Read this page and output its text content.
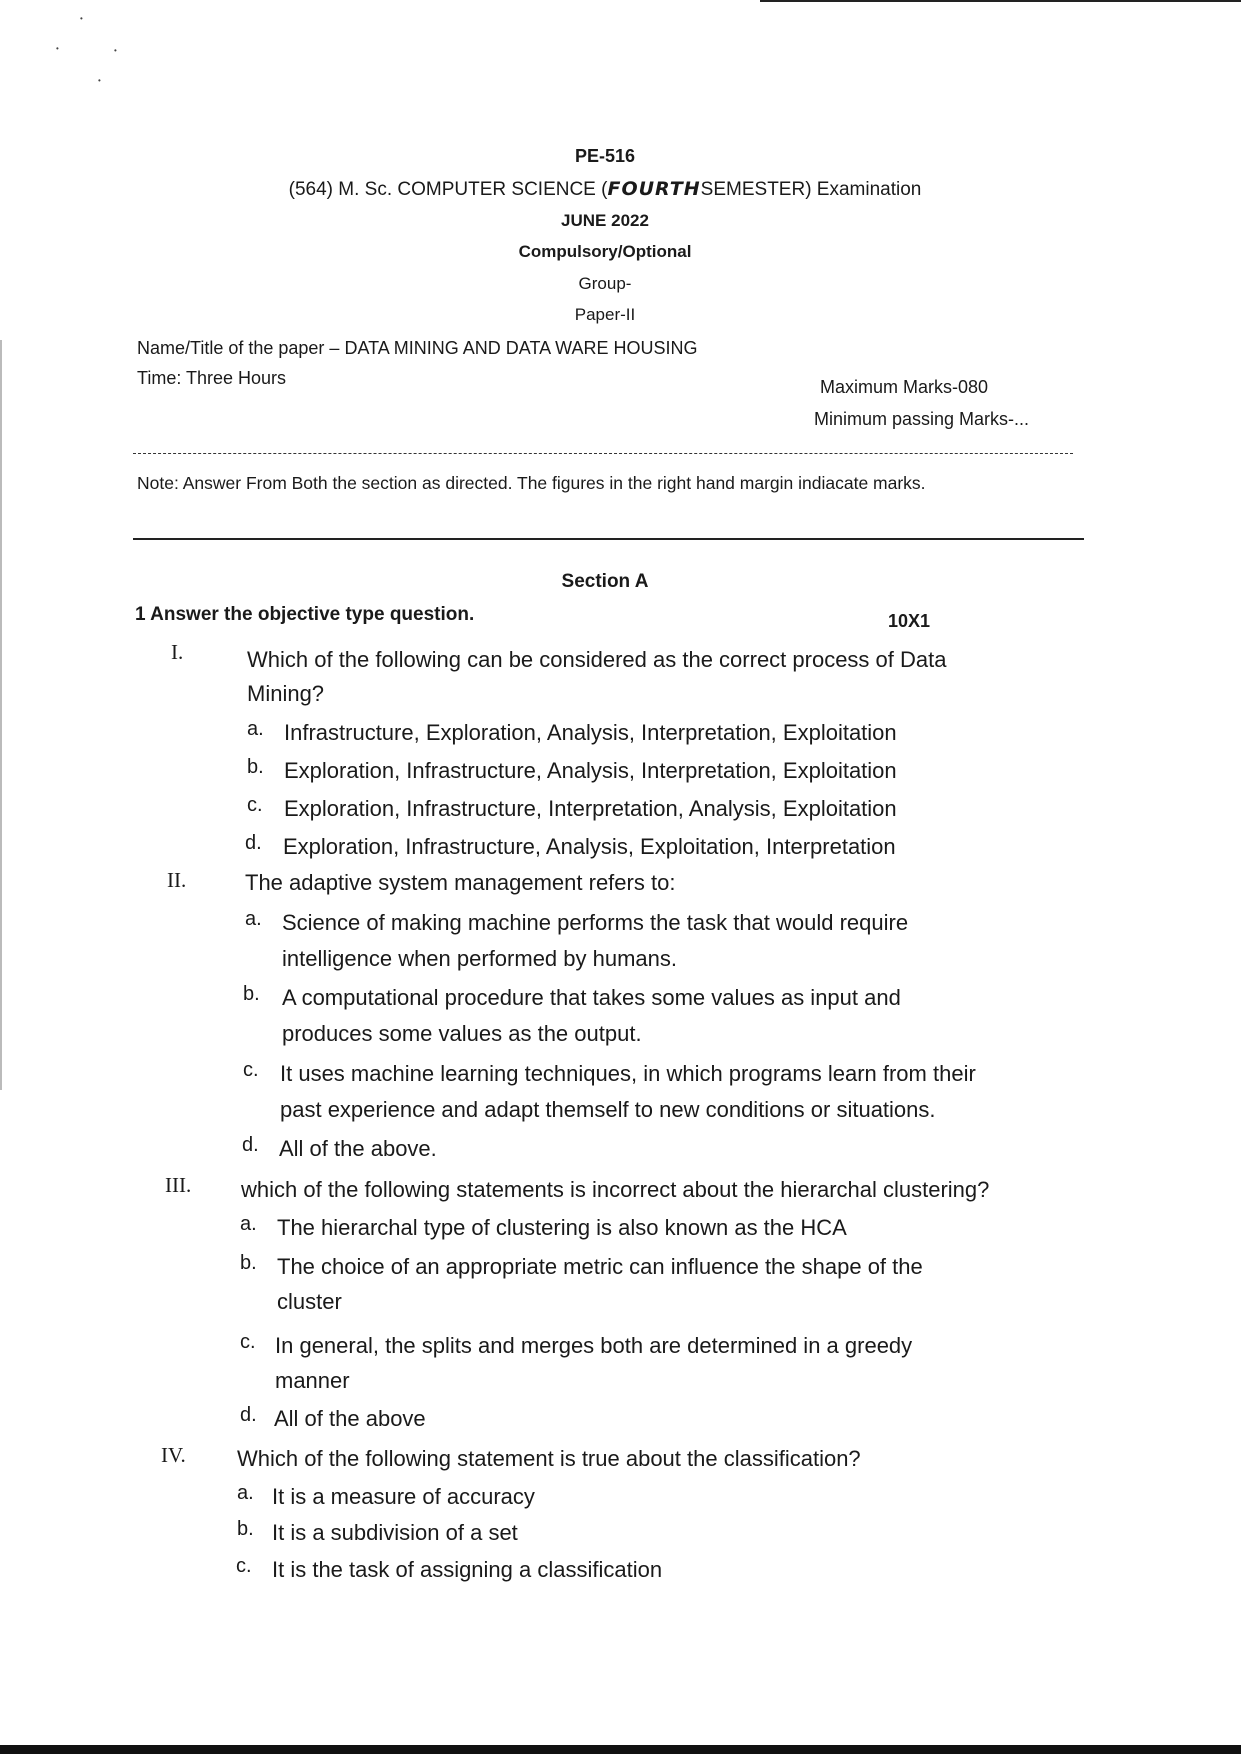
•
•	•
•
PE-516
(564) M. Sc. COMPUTER SCIENCE (FOURTHSEMESTER) Examination
JUNE 2022
Compulsory/Optional
Group-
Paper-II
Name/Title of the paper – DATA MINING AND DATA WARE HOUSING
Time: Three Hours	Maximum Marks-080
Minimum passing Marks-...
Note: Answer From Both the section as directed. The figures in the right hand margin indiacate marks.
Section A
1 Answer the objective type question.	10X1
I.	Which of the following can be considered as the correct process of Data
Mining?
a. Infrastructure, Exploration, Analysis, Interpretation, Exploitation
b. Exploration, Infrastructure, Analysis, Interpretation, Exploitation
c. Exploration, Infrastructure, Interpretation, Analysis, Exploitation
d. Exploration, Infrastructure, Analysis, Exploitation, Interpretation
II.	The adaptive system management refers to:
a. Science of making machine performs the task that would require
intelligence when performed by humans.
b. A computational procedure that takes some values as input and
produces some values as the output.
c. It uses machine learning techniques, in which programs learn from their
past experience and adapt themself to new conditions or situations.
d. All of the above.
III. which of the following statements is incorrect about the hierarchal clustering?
a. The hierarchal type of clustering is also known as the HCA
b. The choice of an appropriate metric can influence the shape of the
cluster
c. In general, the splits and merges both are determined in a greedy
manner
d. All of the above
IV. Which of the following statement is true about the classification?
a. It is a measure of accuracy
b. It is a subdivision of a set
c. It is the task of assigning a classification
